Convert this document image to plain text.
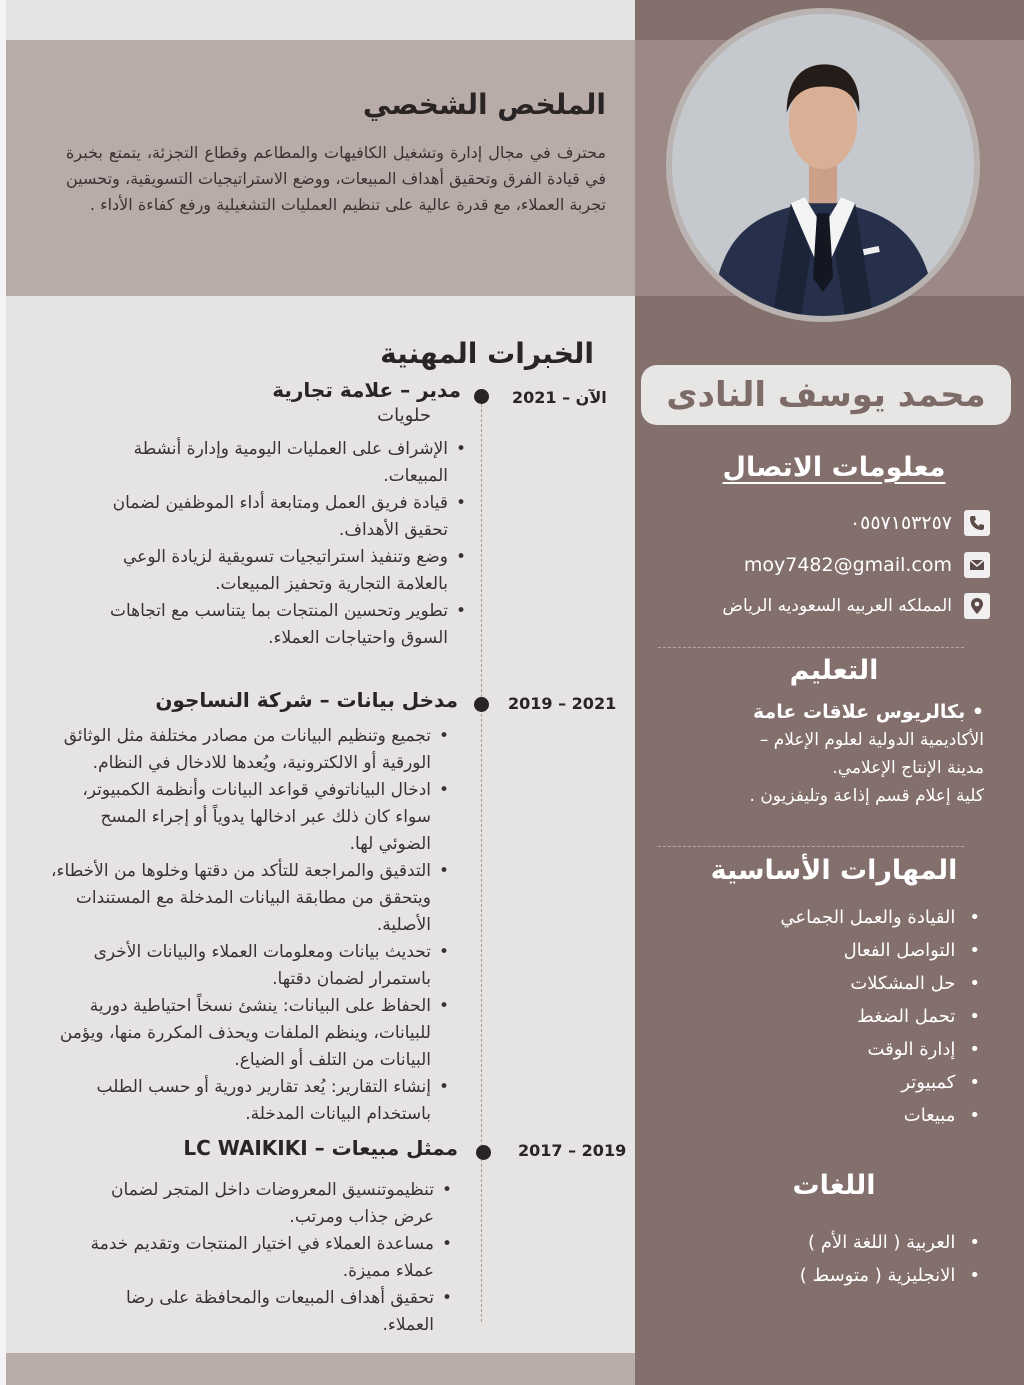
محمد يوسف النادى
معلومات الاتصال
٠٥٥٧١٥٣٢٥٧
moy7482@gmail.com
المملكه العربيه السعوديه الرياض
التعليم
• بكالريوس علاقات عامة
الأكاديمية الدولية لعلوم الإعلام –
مدينة الإنتاج الإعلامي.
كلية إعلام قسم إذاعة وتليفزيون .
المهارات الأساسية
• القيادة والعمل الجماعي
• التواصل الفعال
• حل المشكلات
• تحمل الضغط
• إدارة الوقت
• كمبيوتر
• مبيعات
اللغات
• العربية ( اللغة الأم )
• الانجليزية ( متوسط )
الملخص الشخصي
محترف في مجال إدارة وتشغيل الكافيهات والمطاعم وقطاع التجزئة، يتمتع بخبرة في قيادة الفرق وتحقيق أهداف المبيعات، ووضع الاستراتيجيات التسويقية، وتحسين تجربة العملاء، مع قدرة عالية على تنظيم العمليات التشغيلية ورفع كفاءة الأداء .
الخبرات المهنية
2021 – الآن
مدير – علامة تجارية
حلويات
• الإشراف على العمليات اليومية وإدارة أنشطة المبيعات.
• قيادة فريق العمل ومتابعة أداء الموظفين لضمان تحقيق الأهداف.
• وضع وتنفيذ استراتيجيات تسويقية لزيادة الوعي بالعلامة التجارية وتحفيز المبيعات.
• تطوير وتحسين المنتجات بما يتناسب مع اتجاهات السوق واحتياجات العملاء.
2019 – 2021
مدخل بيانات – شركة النساجون
• تجميع وتنظيم البيانات من مصادر مختلفة مثل الوثائق الورقية أو الالكترونية، ويُعدها للادخال في النظام.
• ادخال البياناتوفي قواعد البيانات وأنظمة الكمبيوتر، سواء كان ذلك عبر ادخالها يدوياً أو إجراء المسح الضوئي لها.
• التدقيق والمراجعة للتأكد من دقتها وخلوها من الأخطاء، ويتحقق من مطابقة البيانات المدخلة مع المستندات الأصلية.
• تحديث بيانات ومعلومات العملاء والبيانات الأخرى باستمرار لضمان دقتها.
• الحفاظ على البيانات: ينشئ نسخاً احتياطية دورية للبيانات، وينظم الملفات ويحذف المكررة منها، ويؤمن البيانات من التلف أو الضياع.
• إنشاء التقارير: يُعد تقارير دورية أو حسب الطلب باستخدام البيانات المدخلة.
2017 – 2019
ممثل مبيعات – LC WAIKIKI
• تنظيموتنسيق المعروضات داخل المتجر لضمان عرض جذاب ومرتب.
• مساعدة العملاء في اختيار المنتجات وتقديم خدمة عملاء مميزة.
• تحقيق أهداف المبيعات والمحافظة على رضا العملاء.
